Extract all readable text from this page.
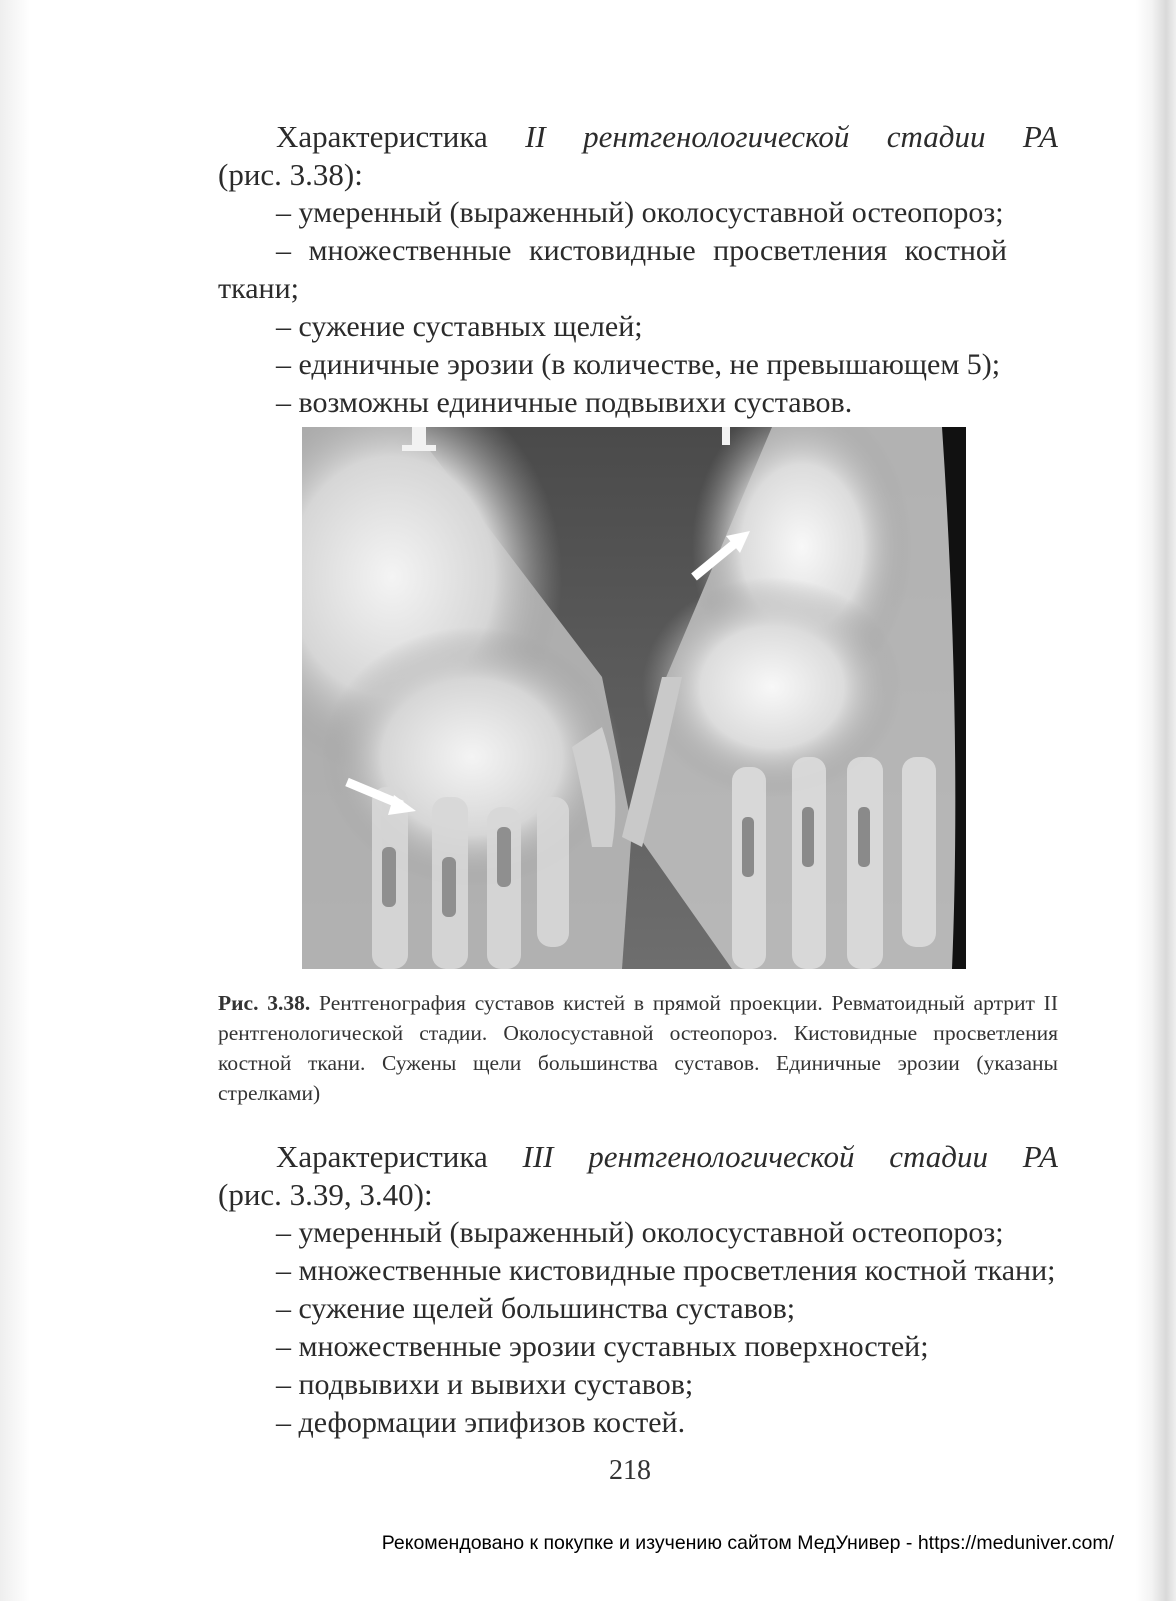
Характеристика II рентгенологической стадии РА
(рис. 3.38):
– умеренный (выраженный) околосуставной остеопороз;
– множественные кистовидные просветления костной
ткани;
– сужение суставных щелей;
– единичные эрозии (в количестве, не превышающем 5);
– возможны единичные подвывихи суставов.
Рис. 3.38. Рентгенография суставов кистей в прямой проекции. Ревматоидный артрит II рентгенологической стадии. Околосуставной остеопороз. Кистовидные просветления костной ткани. Сужены щели большинства суставов. Единичные эрозии (указаны стрелками)
Характеристика III рентгенологической стадии РА
(рис. 3.39, 3.40):
– умеренный (выраженный) околосуставной остеопороз;
– множественные кистовидные просветления костной ткани;
– сужение щелей большинства суставов;
– множественные эрозии суставных поверхностей;
– подвывихи и вывихи суставов;
– деформации эпифизов костей.
218
Рекомендовано к покупке и изучению сайтом МедУнивер - https://meduniver.com/
